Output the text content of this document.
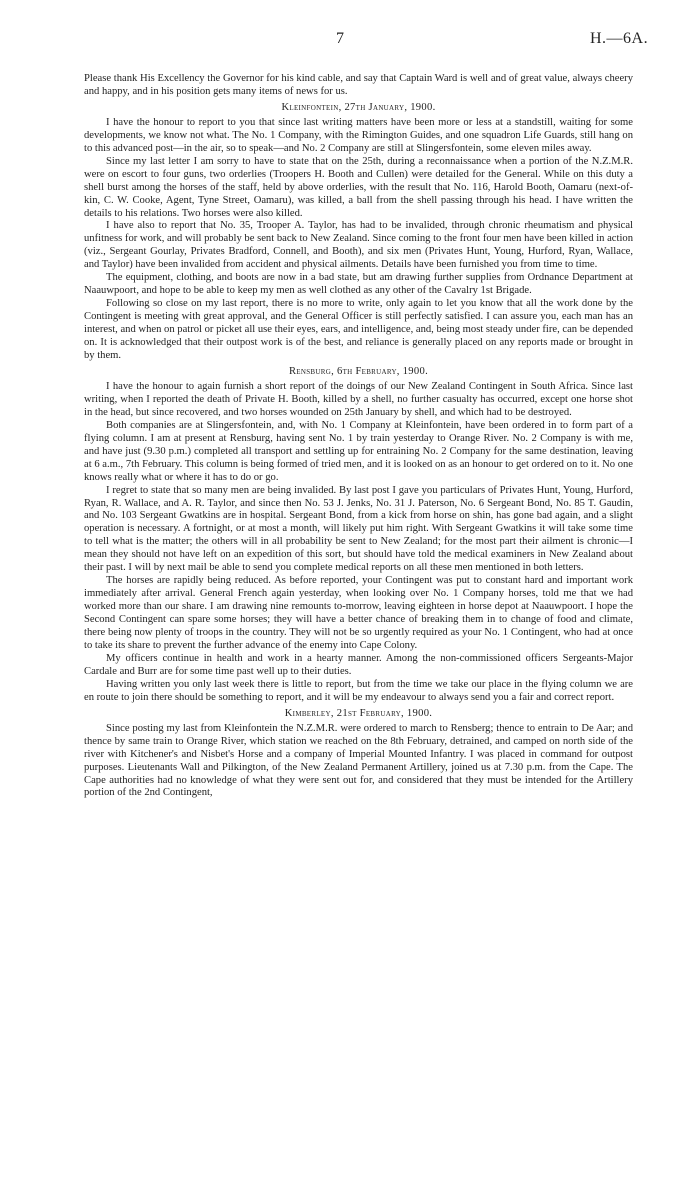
7	H.—6A.

Please thank His Excellency the Governor for his kind cable, and say that Captain Ward is well and of great value, always cheery and happy, and in his position gets many items of news for us.

Kleinfontein, 27th January, 1900.

I have the honour to report to you that since last writing matters have been more or less at a standstill, waiting for some developments, we know not what. The No. 1 Company, with the Rimington Guides, and one squadron Life Guards, still hang on to this advanced post—in the air, so to speak—and No. 2 Company are still at Slingersfontein, some eleven miles away.

Since my last letter I am sorry to have to state that on the 25th, during a reconnaissance when a portion of the N.Z.M.R. were on escort to four guns, two orderlies (Troopers H. Booth and Cullen) were detailed for the General. While on this duty a shell burst among the horses of the staff, held by above orderlies, with the result that No. 116, Harold Booth, Oamaru (next-of-kin, C. W. Cooke, Agent, Tyne Street, Oamaru), was killed, a ball from the shell passing through his head. I have written the details to his relations. Two horses were also killed.

I have also to report that No. 35, Trooper A. Taylor, has had to be invalided, through chronic rheumatism and physical unfitness for work, and will probably be sent back to New Zealand. Since coming to the front four men have been killed in action (viz., Sergeant Gourlay, Privates Bradford, Connell, and Booth), and six men (Privates Hunt, Young, Hurford, Ryan, Wallace, and Taylor) have been invalided from accident and physical ailments. Details have been furnished you from time to time.

The equipment, clothing, and boots are now in a bad state, but am drawing further supplies from Ordnance Department at Naauwpoort, and hope to be able to keep my men as well clothed as any other of the Cavalry 1st Brigade.

Following so close on my last report, there is no more to write, only again to let you know that all the work done by the Contingent is meeting with great approval, and the General Officer is still perfectly satisfied. I can assure you, each man has an interest, and when on patrol or picket all use their eyes, ears, and intelligence, and, being most steady under fire, can be depended on. It is acknowledged that their outpost work is of the best, and reliance is generally placed on any reports made or brought in by them.

Rensburg, 6th February, 1900.

I have the honour to again furnish a short report of the doings of our New Zealand Contingent in South Africa. Since last writing, when I reported the death of Private H. Booth, killed by a shell, no further casualty has occurred, except one horse shot in the head, but since recovered, and two horses wounded on 25th January by shell, and which had to be destroyed.

Both companies are at Slingersfontein, and, with No. 1 Company at Kleinfontein, have been ordered in to form part of a flying column. I am at present at Rensburg, having sent No. 1 by train yesterday to Orange River. No. 2 Company is with me, and have just (9.30 p.m.) completed all transport and settling up for entraining No. 2 Company for the same destination, leaving at 6 a.m., 7th February. This column is being formed of tried men, and it is looked on as an honour to get ordered on to it. No one knows really what or where it has to do or go.

I regret to state that so many men are being invalided. By last post I gave you particulars of Privates Hunt, Young, Hurford, Ryan, R. Wallace, and A. R. Taylor, and since then No. 53 J. Jenks, No. 31 J. Paterson, No. 6 Sergeant Bond, No. 85 T. Gaudin, and No. 103 Sergeant Gwatkins are in hospital. Sergeant Bond, from a kick from horse on shin, has gone bad again, and a slight operation is necessary. A fortnight, or at most a month, will likely put him right. With Sergeant Gwatkins it will take some time to tell what is the matter; the others will in all probability be sent to New Zealand; for the most part their ailment is chronic—I mean they should not have left on an expedition of this sort, but should have told the medical examiners in New Zealand about their past. I will by next mail be able to send you complete medical reports on all these men mentioned in both letters.

The horses are rapidly being reduced. As before reported, your Contingent was put to constant hard and important work immediately after arrival. General French again yesterday, when looking over No. 1 Company horses, told me that we had worked more than our share. I am drawing nine remounts to-morrow, leaving eighteen in horse depot at Naauwpoort. I hope the Second Contingent can spare some horses; they will have a better chance of breaking them in to change of food and climate, there being now plenty of troops in the country. They will not be so urgently required as your No. 1 Contingent, who had at once to take its share to prevent the further advance of the enemy into Cape Colony.

My officers continue in health and work in a hearty manner. Among the non-commissioned officers Sergeants-Major Cardale and Burr are for some time past well up to their duties.

Having written you only last week there is little to report, but from the time we take our place in the flying column we are en route to join there should be something to report, and it will be my endeavour to always send you a fair and correct report.

Kimberley, 21st February, 1900.

Since posting my last from Kleinfontein the N.Z.M.R. were ordered to march to Rensberg; thence to entrain to De Aar; and thence by same train to Orange River, which station we reached on the 8th February, detrained, and camped on north side of the river with Kitchener's and Nisbet's Horse and a company of Imperial Mounted Infantry. I was placed in command for outpost purposes. Lieutenants Wall and Pilkington, of the New Zealand Permanent Artillery, joined us at 7.30 p.m. from the Cape. The Cape authorities had no knowledge of what they were sent out for, and considered that they must be intended for the Artillery portion of the 2nd Contingent,
